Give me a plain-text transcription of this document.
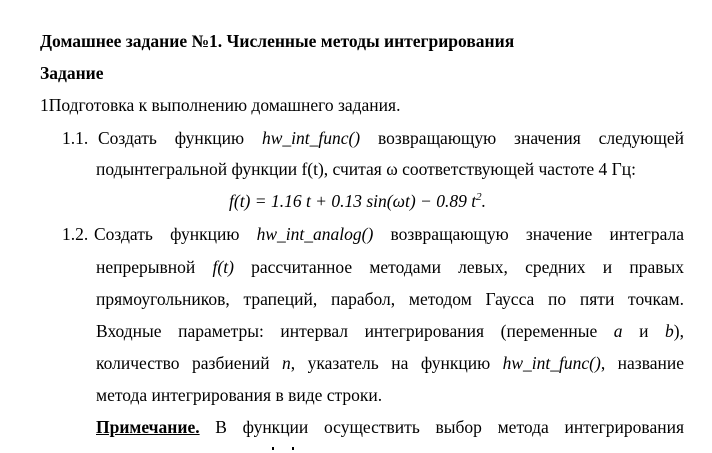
Домашнее задание №1. Численные методы интегрирования
Задание
1Подготовка к выполнению домашнего задания.
1.1. Создать функцию hw_int_func() возвращающую значения следующей
подынтегральной функции f(t), считая ω соответствующей частоте 4 Гц:
f(t) = 1.16 t + 0.13 sin(ωt) − 0.89 $t^2$.
1.2. Создать функцию hw_int_analog() возвращающую значение интеграла
непрерывной f(t) рассчитанное методами левых, средних и правых
прямоугольников, трапеций, парабол, методом Гаусса по пяти точкам.
Входные параметры: интервал интегрирования (переменные a и b),
количество разбиений n, указатель на функцию hw_int_func(), название
метода интегрирования в виде строки.
Примечание. В функции осуществить выбор метода интегрирования
